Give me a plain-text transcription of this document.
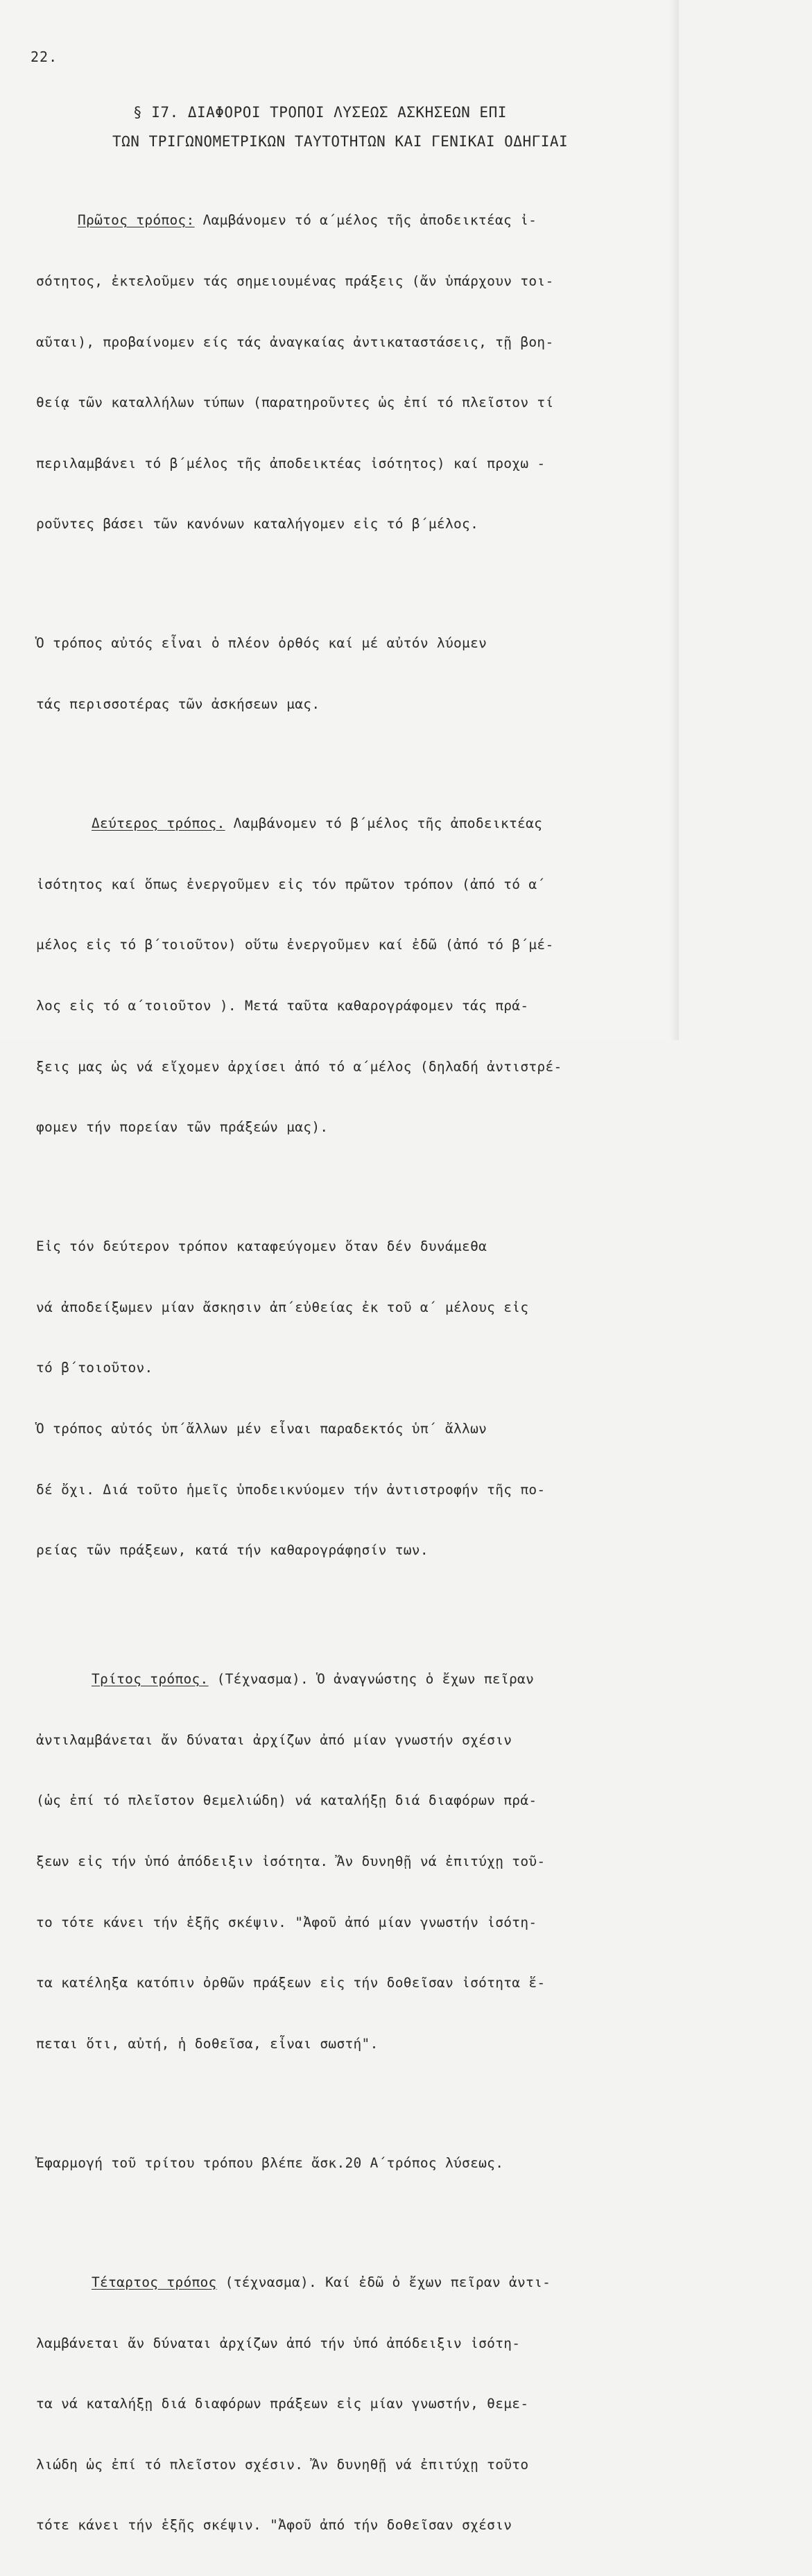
22.
§ Ι7. ΔΙΑΦΟΡΟΙ ΤΡΟΠΟΙ ΛΥΣΕΩΣ ΑΣΚΗΣΕΩΝ ΕΠΙ
ΤΩΝ ΤΡΙΓΩΝΟΜΕΤΡΙΚΩΝ ΤΑΥΤΟΤΗΤΩΝ ΚΑΙ ΓΕΝΙΚΑΙ ΟΔΗΓΙΑΙ

Πρῶτος τρόπος: Λαμβάνομεν τό α΄μέλος τῆς ἀποδεικτέας ἰ-

σότητος, ἐκτελοῦμεν τάς σημειουμένας πράξεις (ἄν ὑπάρχουν τοι-

αῦται), προβαίνομεν είς τάς ἀναγκαίας ἀντικαταστάσεις, τῇ βοη-

θείᾳ τῶν καταλλήλων τύπων (παρατηροῦντες ὡς ἐπί τό πλεῖστον τί

περιλαμβάνει τό β΄μέλος τῆς ἀποδεικτέας ἰσότητος) καί προχω -

ροῦντες βάσει τῶν κανόνων καταλήγομεν εἰς τό β΄μέλος.

Ὁ τρόπος αὐτός εἶναι ὁ πλέον ὀρθός καί μέ αὐτόν λύομεν

τάς περισσοτέρας τῶν ἀσκήσεων μας.

Δεύτερος τρόπος. Λαμβάνομεν τό β΄μέλος τῆς ἀποδεικτέας

ἰσότητος καί ὅπως ἐνεργοῦμεν εἰς τόν πρῶτον τρόπον (ἀπό τό α΄

μέλος εἰς τό β΄τοιοῦτον) οὕτω ἐνεργοῦμεν καί ἐδῶ (ἀπό τό β΄μέ-

λος εἰς τό α΄τοιοῦτον ). Μετά ταῦτα καθαρογράφομεν τάς πρά-

ξεις μας ὡς νά εἴχομεν ἀρχίσει ἀπό τό α΄μέλος (δηλαδή ἀντιστρέ-

φομεν τήν πορείαν τῶν πράξεών μας).

Εἰς τόν δεύτερον τρόπον καταφεύγομεν ὅταν δέν δυνάμεθα

νά ἀποδείξωμεν μίαν ἄσκησιν ἀπ΄εὐθείας ἐκ τοῦ α΄ μέλους εἰς

τό β΄τοιοῦτον.

Ὁ τρόπος αὐτός ὑπ΄ἄλλων μέν εἶναι παραδεκτός ὑπ΄ ἄλλων

δέ ὄχι. Διά τοῦτο ἡμεῖς ὑποδεικνύομεν τήν ἀντιστροφήν τῆς πο-

ρείας τῶν πράξεων, κατά τήν καθαρογράφησίν των.

Τρίτος τρόπος. (Τέχνασμα). Ὁ ἀναγνώστης ὁ ἔχων πεῖραν

ἀντιλαμβάνεται ἄν δύναται ἀρχίζων ἀπό μίαν γνωστήν σχέσιν

(ὡς ἐπί τό πλεῖστον θεμελιώδη) νά καταλήξῃ διά διαφόρων πρά-

ξεων εἰς τήν ὑπό ἀπόδειξιν ἰσότητα. Ἄν δυνηθῇ νά ἐπιτύχῃ τοῦ-

το τότε κάνει τήν ἑξῆς σκέψιν. "Ἀφοῦ ἀπό μίαν γνωστήν ἰσότη-

τα κατέληξα κατόπιν ὀρθῶν πράξεων εἰς τήν δοθεῖσαν ἰσότητα ἕ-

πεται ὅτι, αὐτή, ἡ δοθεῖσα, εἶναι σωστή".

Ἐφαρμογή τοῦ τρίτου τρόπου βλέπε ἄσκ.20 Α΄τρόπος λύσεως.

Τέταρτος τρόπος (τέχνασμα). Καί ἐδῶ ὁ ἔχων πεῖραν ἀντι-

λαμβάνεται ἄν δύναται ἀρχίζων ἀπό τήν ὑπό ἀπόδειξιν ἰσότη-

τα νά καταλήξῃ διά διαφόρων πράξεων εἰς μίαν γνωστήν, θεμε-

λιώδη ὡς ἐπί τό πλεῖστον σχέσιν. Ἄν δυνηθῇ νά ἐπιτύχῃ τοῦτο

τότε κάνει τήν ἑξῆς σκέψιν. "Ἀφοῦ ἀπό τήν δοθεῖσαν σχέσιν
